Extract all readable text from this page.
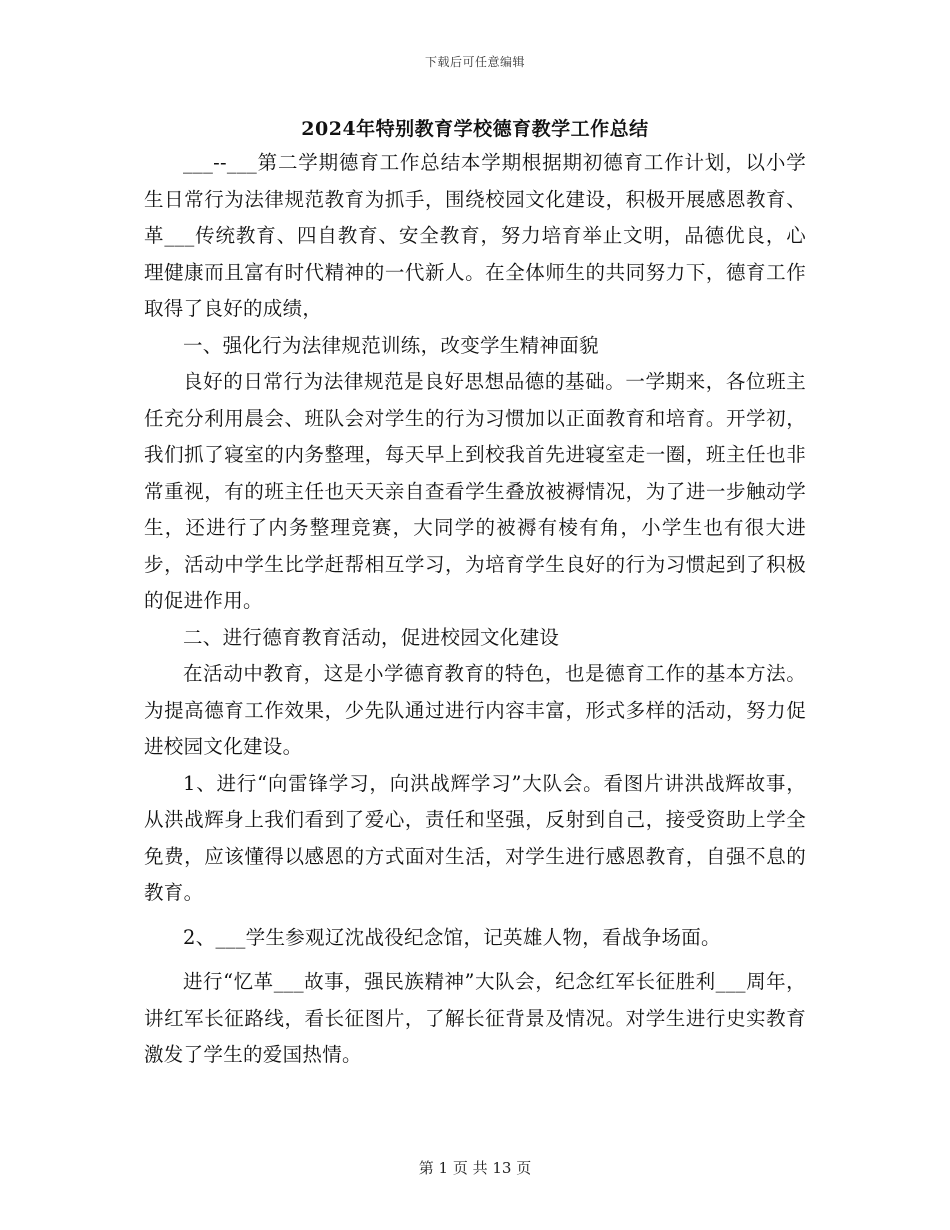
下载后可任意编辑
2024年特别教育学校德育教学工作总结

___--___第二学期德育工作总结本学期根据期初德育工作计划，以小学生日常行为法律规范教育为抓手，围绕校园文化建设，积极开展感恩教育、革___传统教育、四自教育、安全教育，努力培育举止文明，品德优良，心理健康而且富有时代精神的一代新人。在全体师生的共同努力下，德育工作取得了良好的成绩，

一、强化行为法律规范训练，改变学生精神面貌

良好的日常行为法律规范是良好思想品德的基础。一学期来，各位班主任充分利用晨会、班队会对学生的行为习惯加以正面教育和培育。开学初，我们抓了寝室的内务整理，每天早上到校我首先进寝室走一圈，班主任也非常重视，有的班主任也天天亲自查看学生叠放被褥情况，为了进一步触动学生，还进行了内务整理竞赛，大同学的被褥有棱有角，小学生也有很大进步，活动中学生比学赶帮相互学习，为培育学生良好的行为习惯起到了积极的促进作用。

二、进行德育教育活动，促进校园文化建设

在活动中教育，这是小学德育教育的特色，也是德育工作的基本方法。为提高德育工作效果，少先队通过进行内容丰富，形式多样的活动，努力促进校园文化建设。

1、进行“向雷锋学习，向洪战辉学习”大队会。看图片讲洪战辉故事，从洪战辉身上我们看到了爱心，责任和坚强，反射到自己，接受资助上学全免费，应该懂得以感恩的方式面对生活，对学生进行感恩教育，自强不息的教育。

2、___学生参观辽沈战役纪念馆，记英雄人物，看战争场面。

进行“忆革___故事，强民族精神”大队会，纪念红军长征胜利___周年，讲红军长征路线，看长征图片，了解长征背景及情况。对学生进行史实教育激发了学生的爱国热情。

第 1 页 共 13 页
